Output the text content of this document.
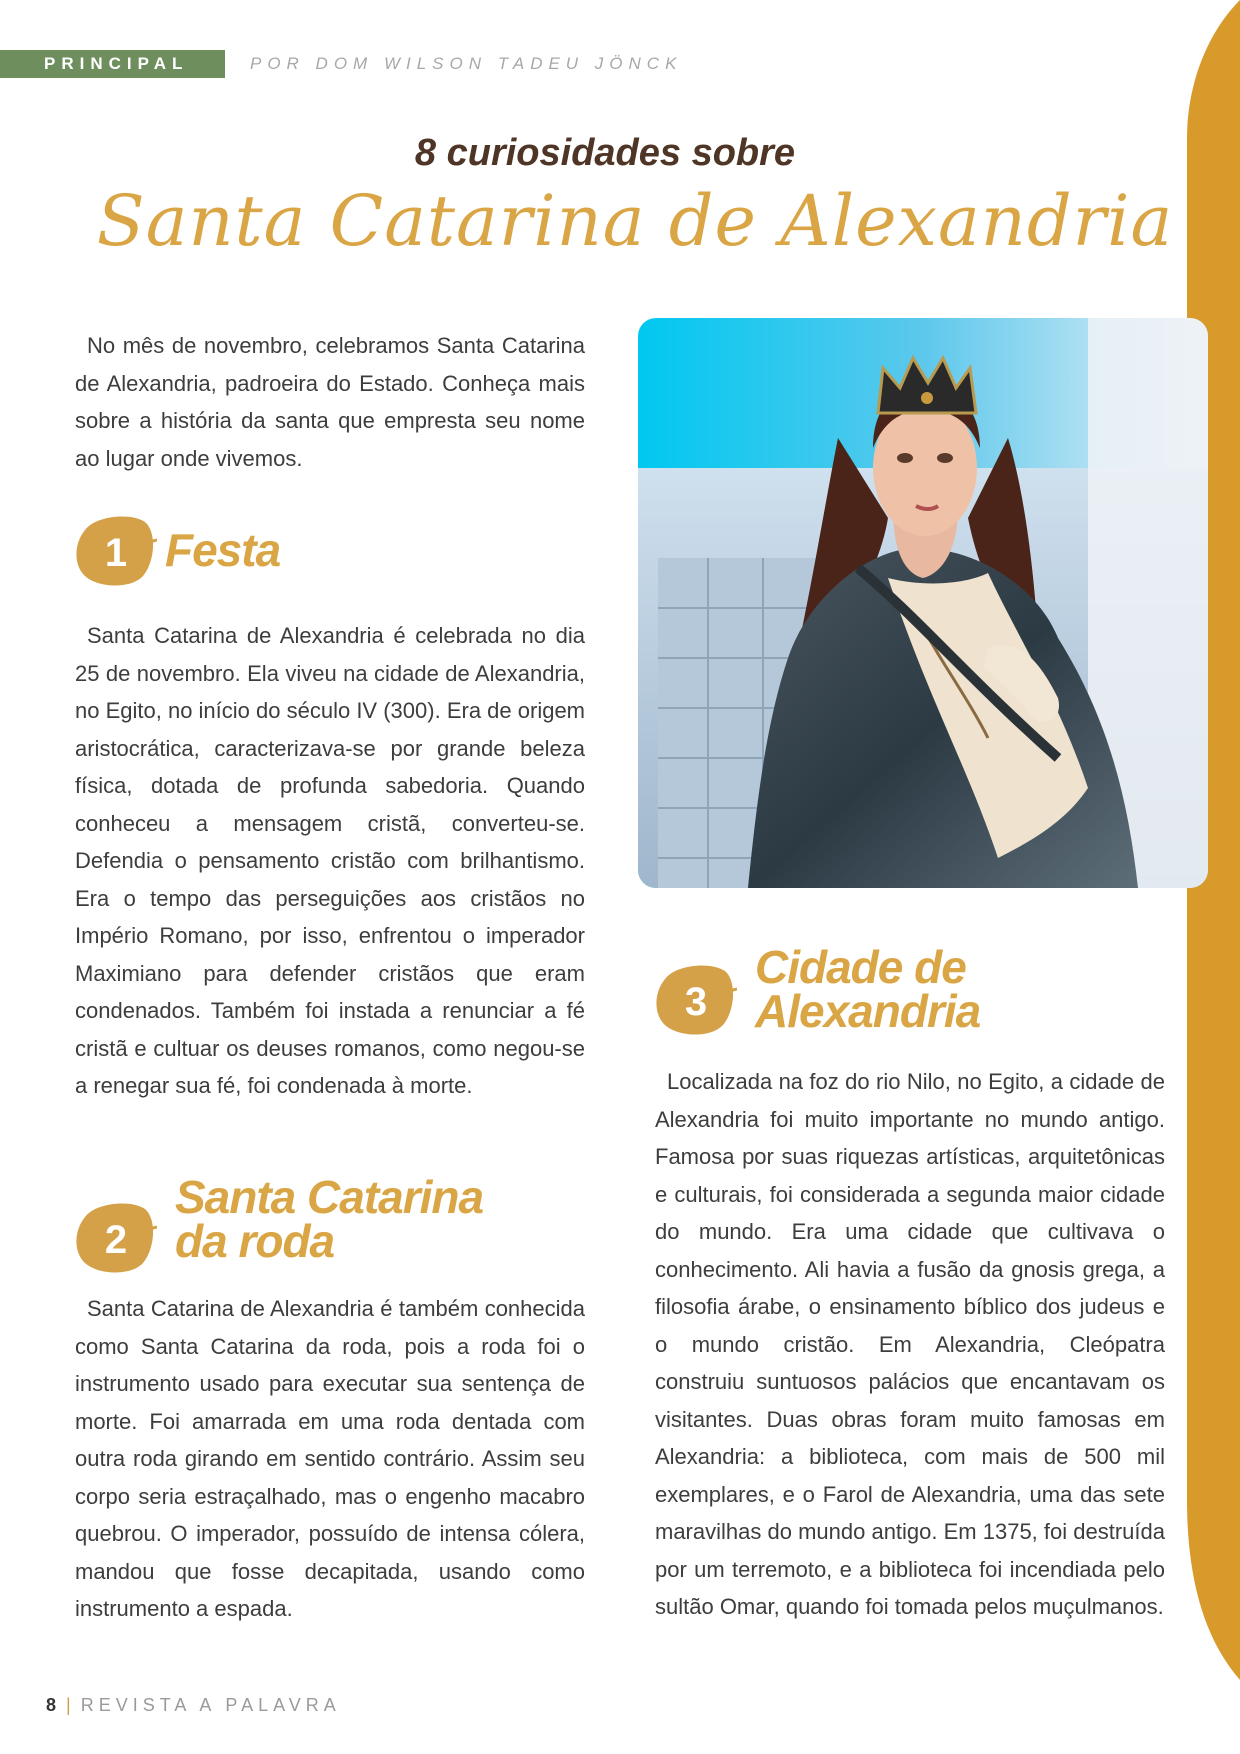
PRINCIPAL	POR DOM WILSON TADEU JÖNCK
8 curiosidades sobre
Santa Catarina de Alexandria
No mês de novembro, celebramos Santa Catarina de Alexandria, padroeira do Estado. Conheça mais sobre a história da santa que empresta seu nome ao lugar onde vivemos.
1 Festa
Santa Catarina de Alexandria é celebrada no dia 25 de novembro. Ela viveu na cidade de Alexandria, no Egito, no início do século IV (300). Era de origem aristocrática, caracterizava-se por grande beleza física, dotada de profunda sabedoria. Quando conheceu a mensagem cristã, converteu-se. Defendia o pensamento cristão com brilhantismo. Era o tempo das perseguições aos cristãos no Império Romano, por isso, enfrentou o imperador Maximiano para defender cristãos que eram condenados. Também foi instada a renunciar a fé cristã e cultuar os deuses romanos, como negou-se a renegar sua fé, foi condenada à morte.
2
Santa Catarina
da roda
Santa Catarina de Alexandria é também conhecida como Santa Catarina da roda, pois a roda foi o instrumento usado para executar sua sentença de morte. Foi amarrada em uma roda dentada com outra roda girando em sentido contrário. Assim seu corpo seria estraçalhado, mas o engenho macabro quebrou. O imperador, possuído de intensa cólera, mandou que fosse decapitada, usando como instrumento a espada.
3
Cidade de
Alexandria
Localizada na foz do rio Nilo, no Egito, a cidade de Alexandria foi muito importante no mundo antigo. Famosa por suas riquezas artísticas, arquitetônicas e culturais, foi considerada a segunda maior cidade do mundo. Era uma cidade que cultivava o conhecimento. Ali havia a fusão da gnosis grega, a filosofia árabe, o ensinamento bíblico dos judeus e o mundo cristão. Em Alexandria, Cleópatra construiu suntuosos palácios que encantavam os visitantes. Duas obras foram muito famosas em Alexandria: a biblioteca, com mais de 500 mil exemplares, e o Farol de Alexandria, uma das sete maravilhas do mundo antigo. Em 1375, foi destruída por um terremoto, e a biblioteca foi incendiada pelo sultão Omar, quando foi tomada pelos muçulmanos.
8 | REVISTA A PALAVRA
